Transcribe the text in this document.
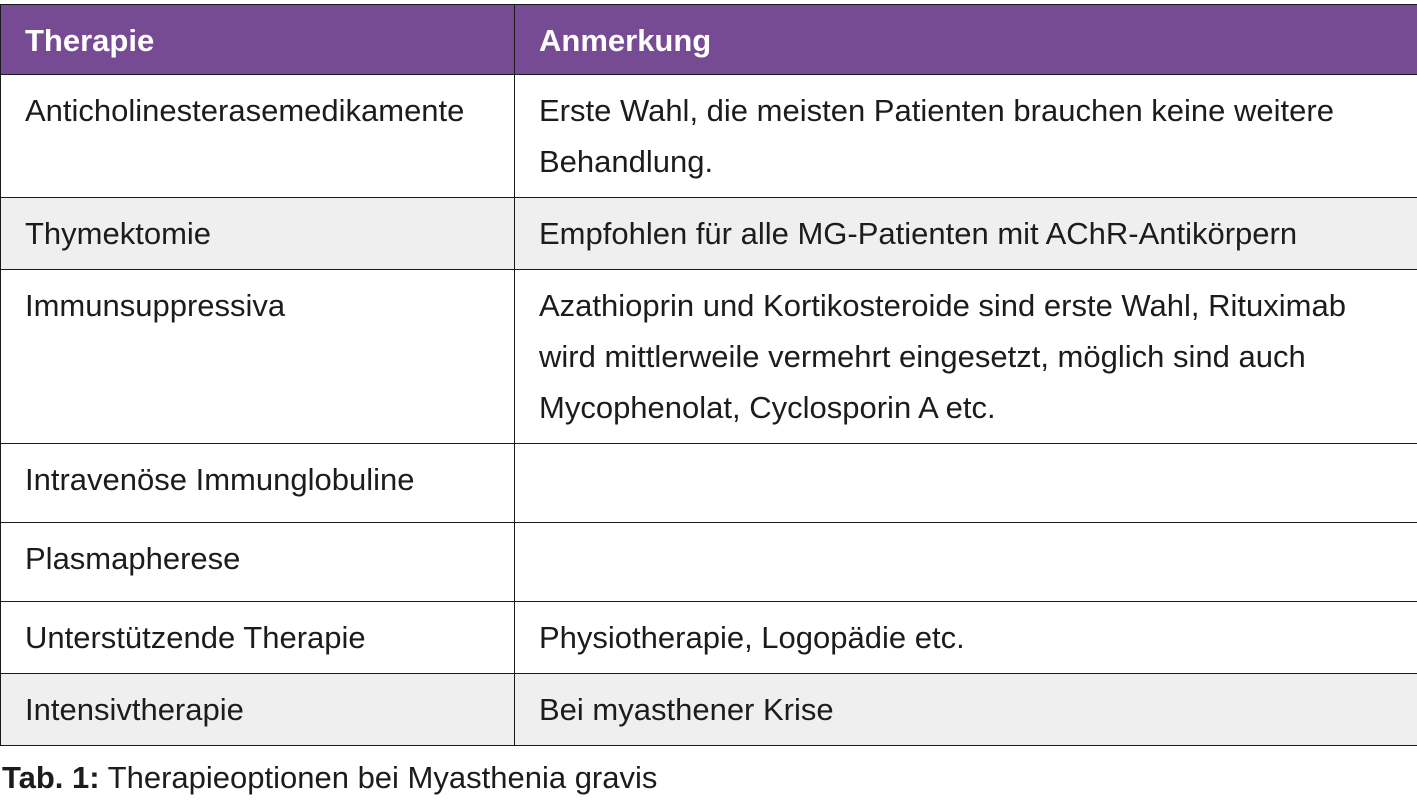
Therapie	Anmerkung
Anticholinesterasemedikamente	Erste Wahl, die meisten Patienten brauchen keine weitere Behandlung.
Thymektomie	Empfohlen für alle MG-Patienten mit AChR-Antikörpern
Immunsuppressiva	Azathioprin und Kortikosteroide sind erste Wahl, Rituximab wird mittlerweile vermehrt eingesetzt, möglich sind auch Mycophenolat, Cyclosporin A etc.
Intravenöse Immunglobuline	
Plasmapherese	
Unterstützende Therapie	Physiotherapie, Logopädie etc.
Intensivtherapie	Bei myasthener Krise
Tab. 1: Therapieoptionen bei Myasthenia gravis
